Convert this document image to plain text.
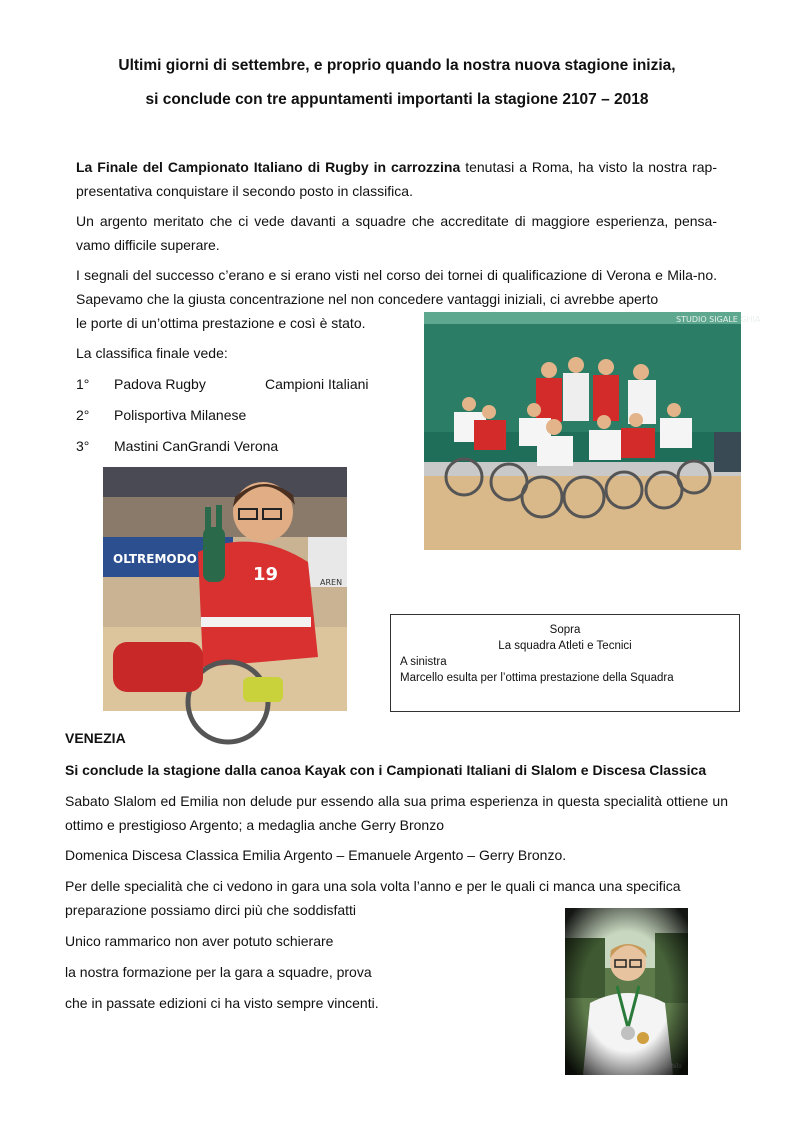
Ultimi giorni di settembre, e proprio quando la nostra nuova stagione inizia,
si conclude con tre appuntamenti importanti la stagione 2107 – 2018
La Finale del Campionato Italiano di Rugby in carrozzina tenutasi a Roma, ha visto la nostra rap-presentativa conquistare il secondo posto in classifica.
Un argento meritato che ci vede davanti a squadre che accreditate di maggiore esperienza, pensa-vamo difficile superare.
I segnali del successo c’erano e si erano visti nel corso dei tornei di qualificazione di Verona e Mila-no. Sapevamo che la giusta concentrazione nel non concedere vantaggi iniziali, ci avrebbe aperto
le porte di un’ottima prestazione e così è stato.
La classifica finale vede:
1° Padova Rugby	Campioni Italiani
2° Polisportiva Milanese
3° Mastini CanGrandi Verona
STUDIO SIGALE GHIA
OLTREMODO
AREN
19
Sopra
La squadra Atleti e Tecnici
A sinistra
Marcello esulta per l’ottima prestazione della Squadra
VENEZIA
Si conclude la stagione dalla canoa Kayak con i Campionati Italiani di Slalom e Discesa Classica
Sabato Slalom ed Emilia non delude pur essendo alla sua prima esperienza in questa specialità ottiene un ottimo e prestigioso Argento; a medaglia anche Gerry Bronzo
Domenica Discesa Classica Emilia Argento – Emanuele Argento – Gerry Bronzo.
Per delle specialità che ci vedono in gara una sola volta l’anno e per le quali ci manca una specifica
preparazione possiamo dirci più che soddisfatti
Unico rammarico non aver potuto schierare
la nostra formazione per la gara a squadre, prova
che in passate edizioni ci ha visto sempre vincenti.
